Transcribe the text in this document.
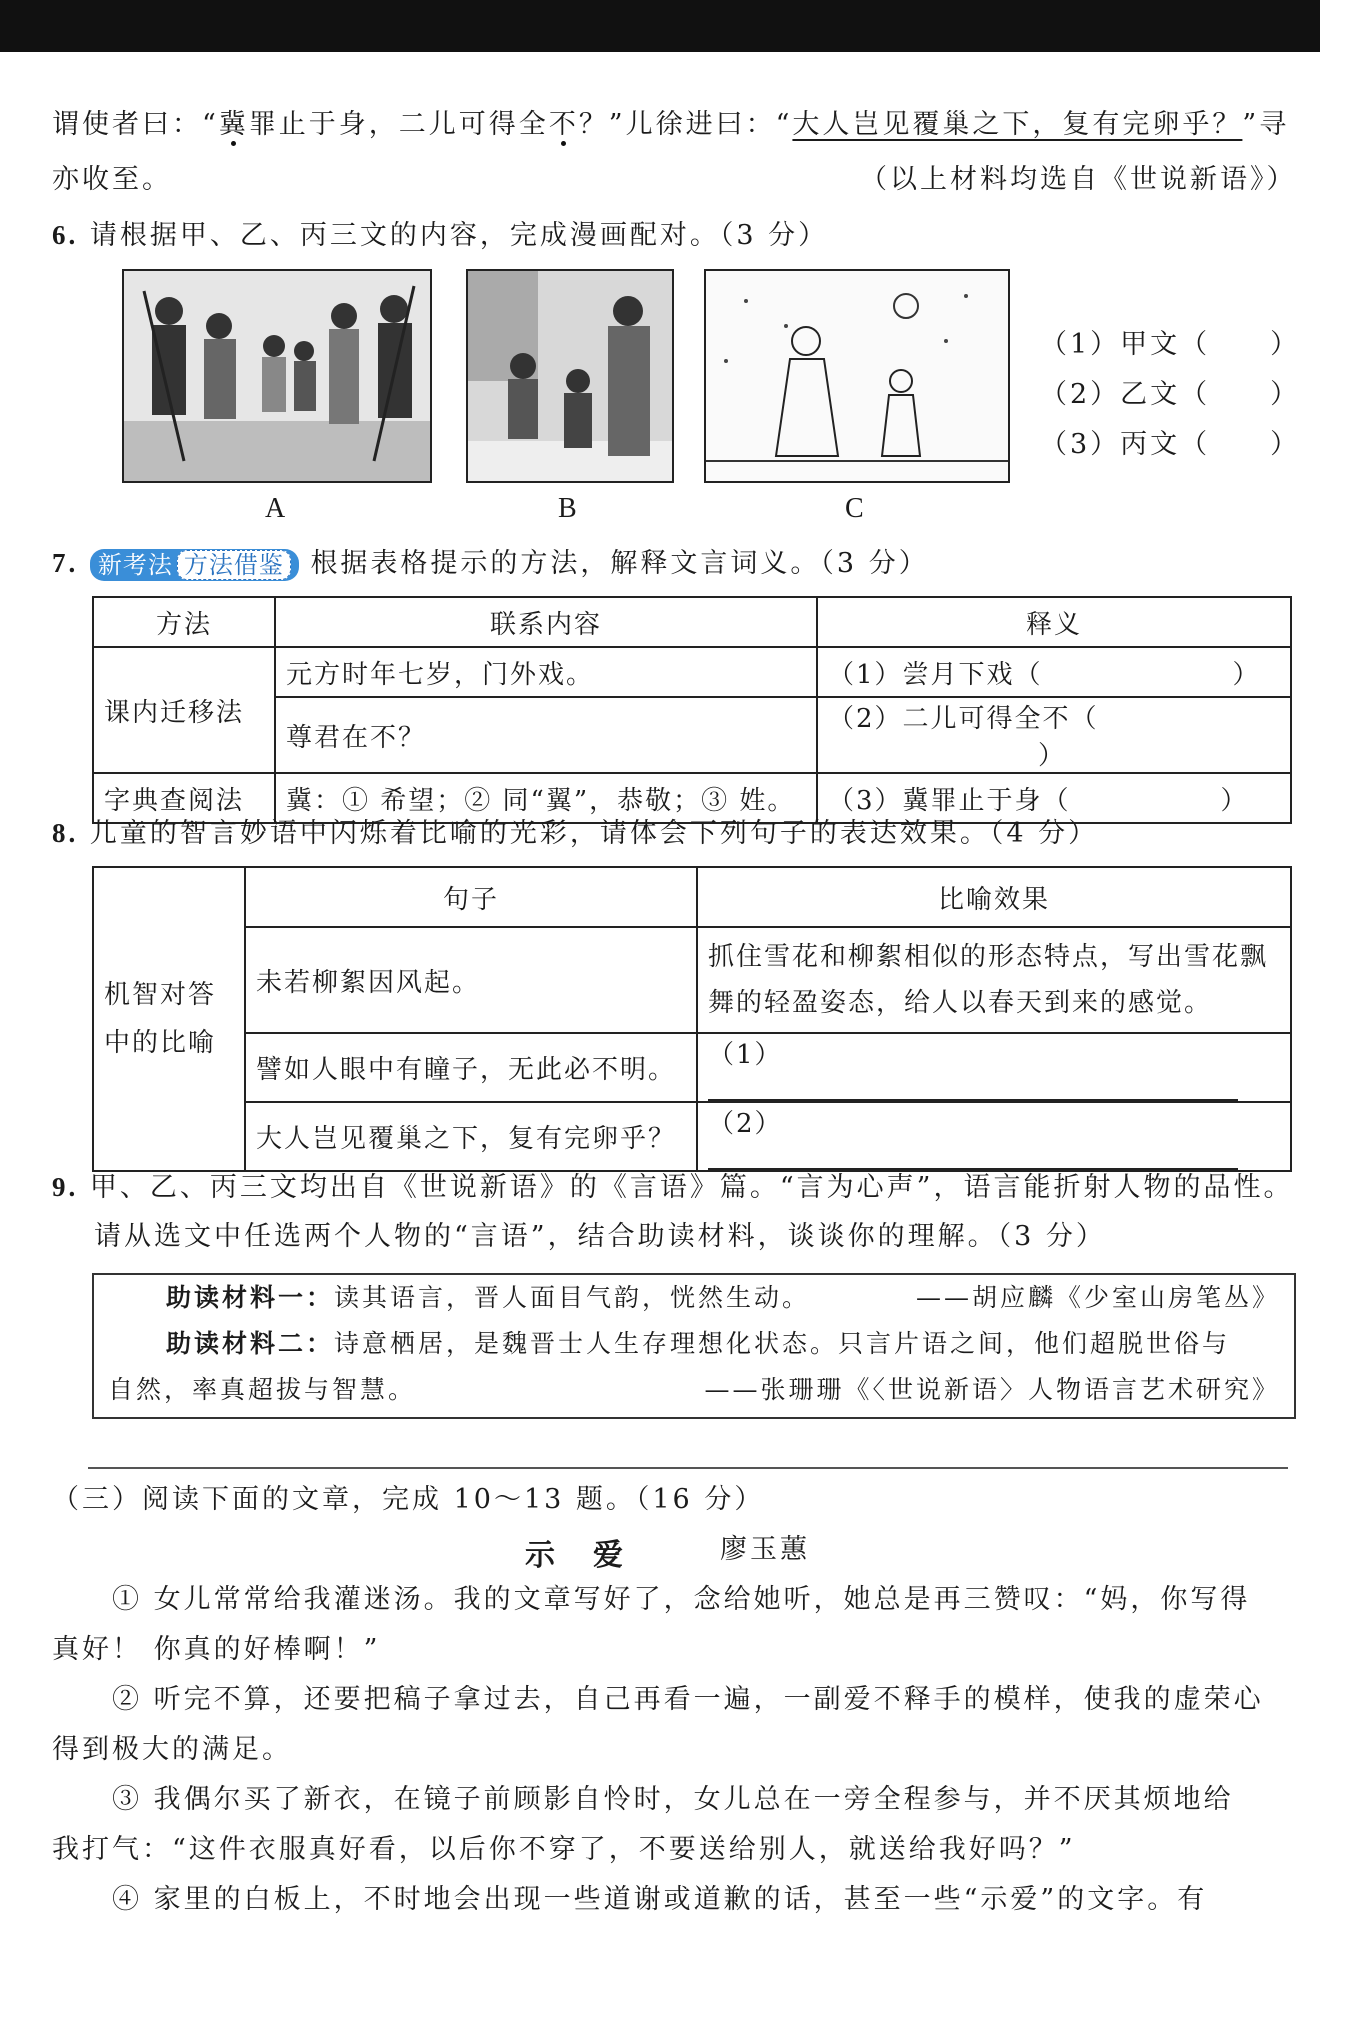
谓使者曰：“冀罪止于身，二儿可得全不？”儿徐进曰：“大人岂见覆巢之下，复有完卵乎？”寻
亦收至。	（以上材料均选自《世说新语》）
6. 请根据甲、乙、丙三文的内容，完成漫画配对。（3 分）
A	B	C
（1）甲文（　　）
（2）乙文（　　）
（3）丙文（　　）
7. 新考法 方法借鉴 根据表格提示的方法，解释文言词义。（3 分）
方法	联系内容	释义
课内迁移法	元方时年七岁，门外戏。	（1）尝月下戏（ ）
	尊君在不？	（2）二儿可得全不（）
字典查阅法	冀：① 希望；② 同“翼”，恭敬；③ 姓。	（3）冀罪止于身（ ）
8. 儿童的智言妙语中闪烁着比喻的光彩，请体会下列句子的表达效果。（4 分）
机智对答
中的比喻	句子	比喻效果
	未若柳絮因风起。	抓住雪花和柳絮相似的形态特点，写出雪花飘
舞的轻盈姿态，给人以春天到来的感觉。
	譬如人眼中有瞳子，无此必不明。	（1）
	大人岂见覆巢之下，复有完卵乎？	（2）
9. 甲、乙、丙三文均出自《世说新语》的《言语》篇。“言为心声”，语言能折射人物的品性。
请从选文中任选两个人物的“言语”，结合助读材料，谈谈你的理解。（3 分）
助读材料一：读其语言，晋人面目气韵，恍然生动。	——胡应麟《少室山房笔丛》
助读材料二：诗意栖居，是魏晋士人生存理想化状态。只言片语之间，他们超脱世俗与
自然，率真超拔与智慧。	——张珊珊《〈世说新语〉人物语言艺术研究》
（三）阅读下面的文章，完成 10～13 题。（16 分）
示　爱	廖玉蕙
① 女儿常常给我灌迷汤。我的文章写好了，念给她听，她总是再三赞叹：“妈，你写得
真好！ 你真的好棒啊！”
② 听完不算，还要把稿子拿过去，自己再看一遍，一副爱不释手的模样，使我的虚荣心
得到极大的满足。
③ 我偶尔买了新衣，在镜子前顾影自怜时，女儿总在一旁全程参与，并不厌其烦地给
我打气：“这件衣服真好看，以后你不穿了，不要送给别人，就送给我好吗？”
④ 家里的白板上，不时地会出现一些道谢或道歉的话，甚至一些“示爱”的文字。有
